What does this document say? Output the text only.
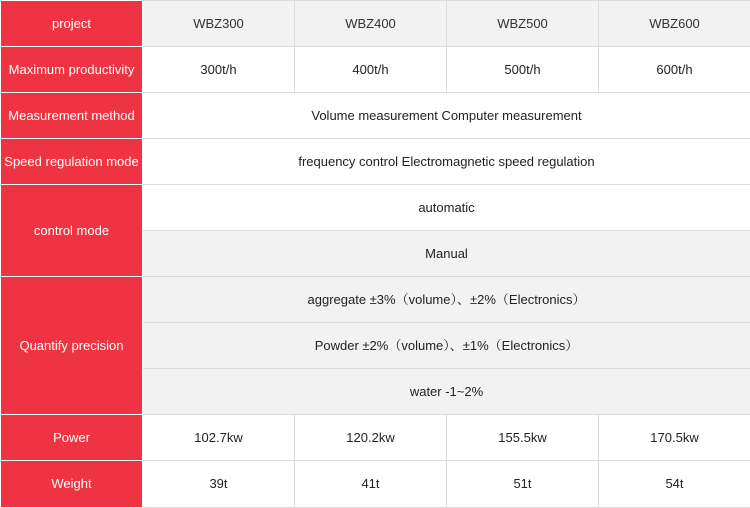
project	WBZ300	WBZ400	WBZ500	WBZ600
Maximum productivity	300t/h	400t/h	500t/h	600t/h
Measurement method	Volume measurement Computer measurement			
Speed regulation mode	frequency control Electromagnetic speed regulation			
control mode	automatic			
	Manual			
Quantify precision	aggregate ±3%（volume）、±2%（Electronics）			
	Powder ±2%（volume）、±1%（Electronics）			
	water -1~2%			
Power	102.7kw	120.2kw	155.5kw	170.5kw
Weight	39t	41t	51t	54t
